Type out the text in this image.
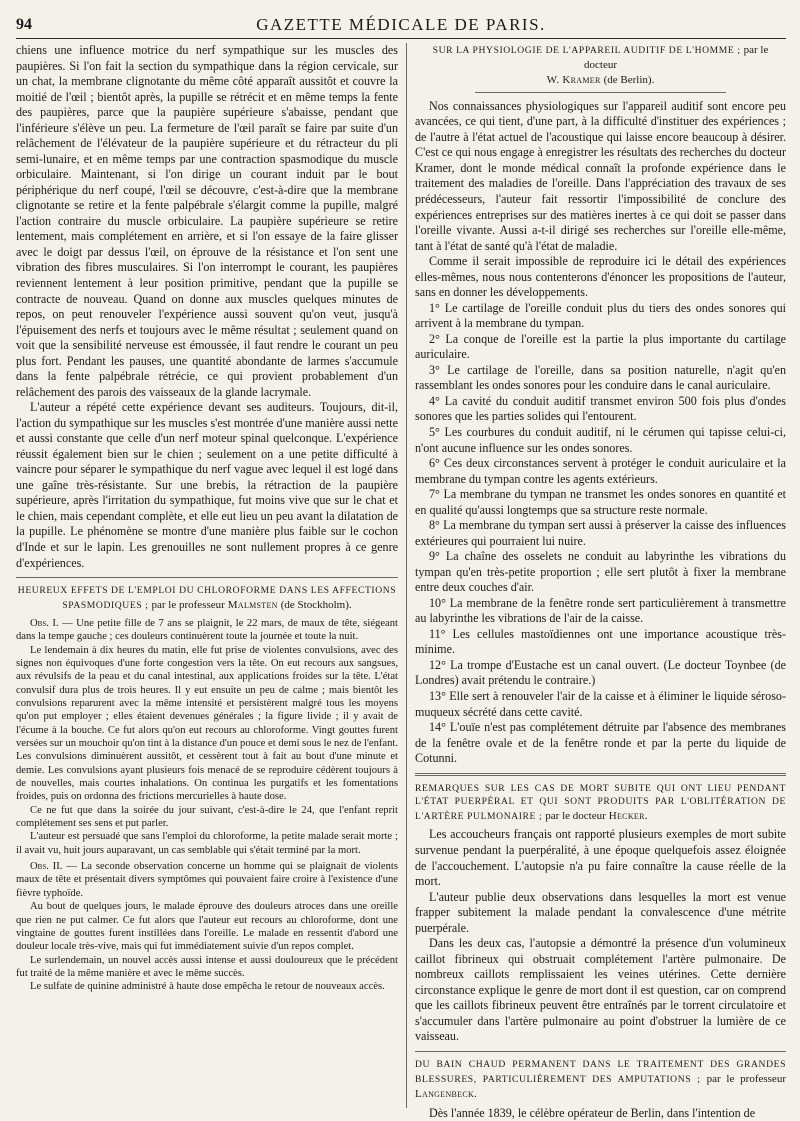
94	GAZETTE MÉDICALE DE PARIS.

chiens une influence motrice du nerf sympathique sur les muscles des paupières. Si l'on fait la section du sympathique dans la région cervicale, sur un chat, la membrane clignotante du même côté apparaît aussitôt et couvre la moitié de l'œil ; bientôt après, la pupille se rétrécit et en même temps la fente des paupières, parce que la paupière supérieure s'abaisse, pendant que l'inférieure s'élève un peu. La fermeture de l'œil paraît se faire par suite d'un relâchement de l'élévateur de la paupière supérieure et du rétracteur du pli semi-lunaire, et en même temps par une contraction spasmodique du muscle orbiculaire. Maintenant, si l'on dirige un courant induit par le bout périphérique du nerf coupé, l'œil se découvre, c'est-à-dire que la membrane clignotante se retire et la fente palpébrale s'élargit comme la pupille, malgré l'action contraire du muscle orbiculaire. La paupière supérieure se retire lentement, mais complétement en arrière, et si l'on essaye de la faire glisser avec le doigt par dessus l'œil, on éprouve de la résistance et l'on sent une vibration des fibres musculaires. Si l'on interrompt le courant, les paupières reviennent lentement à leur position primitive, pendant que la pupille se contracte de nouveau. Quand on donne aux muscles quelques minutes de repos, on peut renouveler l'expérience aussi souvent qu'on veut, jusqu'à l'épuisement des nerfs et toujours avec le même résultat ; seulement quand on voit que la sensibilité nerveuse est émoussée, il faut rendre le courant un peu plus fort. Pendant les pauses, une quantité abondante de larmes s'accumule dans la fente palpébrale rétrécie, ce qui provient probablement d'un relâchement des parois des vaisseaux de la glande lacrymale.

L'auteur a répété cette expérience devant ses auditeurs. Toujours, dit-il, l'action du sympathique sur les muscles s'est montrée d'une manière aussi nette et aussi constante que celle d'un nerf moteur spinal quelconque. L'expérience réussit également bien sur le chien ; seulement on a une petite difficulté à vaincre pour séparer le sympathique du nerf vague avec lequel il est logé dans une gaîne très-résistante. Sur une brebis, la rétraction de la paupière supérieure, après l'irritation du sympathique, fut moins vive que sur le chat et le chien, mais cependant complète, et elle eut lieu un peu avant la dilatation de la pupille. Le phénomène se montre d'une manière plus faible sur le cochon d'Inde et sur le lapin. Les grenouilles ne sont nullement propres à ce genre d'expériences.

HEUREUX EFFETS DE L'EMPLOI DU CHLOROFORME DANS LES AFFECTIONS SPASMODIQUES ; par le professeur Malmsten (de Stockholm).

Obs. I. — Une petite fille de 7 ans se plaignit, le 22 mars, de maux de tête, siégeant dans la tempe gauche ; ces douleurs continuèrent toute la journée et toute la nuit.

Le lendemain à dix heures du matin, elle fut prise de violentes convulsions, avec des signes non équivoques d'une forte congestion vers la tête. On eut recours aux sangsues, aux révulsifs de la peau et du canal intestinal, aux applications froides sur la tête. L'état convulsif dura plus de trois heures. Il y eut ensuite un peu de calme ; mais bientôt les convulsions reparurent avec la même intensité et persistèrent malgré tous les moyens qu'on put employer ; elles étaient devenues générales ; la figure livide ; il y avait de l'écume à la bouche. Ce fut alors qu'on eut recours au chloroforme. Vingt gouttes furent versées sur un mouchoir qu'on tint à la distance d'un pouce et demi sous le nez de l'enfant. Les convulsions diminuèrent aussitôt, et cessèrent tout à fait au bout d'une minute et demie. Les convulsions ayant plusieurs fois menacé de se reproduire cédèrent toujours à de nouvelles, mais courtes inhalations. On continua les purgatifs et les fomentations froides, puis on ordonna des frictions mercurielles à haute dose.

Ce ne fut que dans la soirée du jour suivant, c'est-à-dire le 24, que l'enfant reprit complétement ses sens et put parler.

L'auteur est persuadé que sans l'emploi du chloroforme, la petite malade serait morte ; il avait vu, huit jours auparavant, un cas semblable qui s'était terminé par la mort.

Obs. II. — La seconde observation concerne un homme qui se plaignait de violents maux de tête et présentait divers symptômes qui pouvaient faire croire à l'existence d'une fièvre typhoïde.

Au bout de quelques jours, le malade éprouve des douleurs atroces dans une oreille que rien ne put calmer. Ce fut alors que l'auteur eut recours au chloroforme, dont une vingtaine de gouttes furent instillées dans l'oreille. Le malade en ressentit d'abord une douleur locale très-vive, mais qui fut immédiatement suivie d'un repos complet.

Le surlendemain, un nouvel accès aussi intense et aussi douloureux que le précédent fut traité de la même manière et avec le même succès.

Le sulfate de quinine administré à haute dose empêcha le retour de nouveaux accès.

SUR LA PHYSIOLOGIE DE L'APPAREIL AUDITIF DE L'HOMME ; par le docteur
W. Kramer (de Berlin).

Nos connaissances physiologiques sur l'appareil auditif sont encore peu avancées, ce qui tient, d'une part, à la difficulté d'instituer des expériences ; de l'autre à l'état actuel de l'acoustique qui laisse encore beaucoup à désirer. C'est ce qui nous engage à enregistrer les résultats des recherches du docteur Kramer, dont le monde médical connaît la profonde expérience dans le traitement des maladies de l'oreille. Dans l'appréciation des travaux de ses prédécesseurs, l'auteur fait ressortir l'impossibilité de conclure des expériences entreprises sur des matières inertes à ce qui doit se passer dans l'oreille vivante. Aussi a-t-il dirigé ses recherches sur l'oreille elle-même, tant à l'état de santé qu'à l'état de maladie.

Comme il serait impossible de reproduire ici le détail des expériences elles-mêmes, nous nous contenterons d'énoncer les propositions de l'auteur, sans en donner les développements.

1° Le cartilage de l'oreille conduit plus du tiers des ondes sonores qui arrivent à la membrane du tympan.

2° La conque de l'oreille est la partie la plus importante du cartilage auriculaire.

3° Le cartilage de l'oreille, dans sa position naturelle, n'agit qu'en rassemblant les ondes sonores pour les conduire dans le canal auriculaire.

4° La cavité du conduit auditif transmet environ 500 fois plus d'ondes sonores que les parties solides qui l'entourent.

5° Les courbures du conduit auditif, ni le cérumen qui tapisse celui-ci, n'ont aucune influence sur les ondes sonores.

6° Ces deux circonstances servent à protéger le conduit auriculaire et la membrane du tympan contre les agents extérieurs.

7° La membrane du tympan ne transmet les ondes sonores en quantité et en qualité qu'aussi longtemps que sa structure reste normale.

8° La membrane du tympan sert aussi à préserver la caisse des influences extérieures qui pourraient lui nuire.

9° La chaîne des osselets ne conduit au labyrinthe les vibrations du tympan qu'en très-petite proportion ; elle sert plutôt à fixer la membrane entre deux couches d'air.

10° La membrane de la fenêtre ronde sert particulièrement à transmettre au labyrinthe les vibrations de l'air de la caisse.

11° Les cellules mastoïdiennes ont une importance acoustique très-minime.

12° La trompe d'Eustache est un canal ouvert. (Le docteur Toynbee (de Londres) avait prétendu le contraire.)

13° Elle sert à renouveler l'air de la caisse et à éliminer le liquide séroso-muqueux sécrété dans cette cavité.

14° L'ouïe n'est pas complétement détruite par l'absence des membranes de la fenêtre ovale et de la fenêtre ronde et par la perte du liquide de Cotunni.

REMARQUES SUR LES CAS DE MORT SUBITE QUI ONT LIEU PENDANT L'ÉTAT PUERPÉRAL ET QUI SONT PRODUITS PAR L'OBLITÉRATION DE L'ARTÈRE PULMONAIRE ; par le docteur Hecker.

Les accoucheurs français ont rapporté plusieurs exemples de mort subite survenue pendant la puerpéralité, à une époque quelquefois assez éloignée de l'accouchement. L'autopsie n'a pu faire connaître la cause réelle de la mort.

L'auteur publie deux observations dans lesquelles la mort est venue frapper subitement la malade pendant la convalescence d'une métrite puerpérale.

Dans les deux cas, l'autopsie a démontré la présence d'un volumineux caillot fibrineux qui obstruait complétement l'artère pulmonaire. De nombreux caillots remplissaient les veines utérines. Cette dernière circonstance explique le genre de mort dont il est question, car on comprend que les caillots fibrineux peuvent être entraînés par le torrent circulatoire et s'accumuler dans l'artère pulmonaire au point d'obstruer la lumière de ce vaisseau.

DU BAIN CHAUD PERMANENT DANS LE TRAITEMENT DES GRANDES BLESSURES, PARTICULIÈREMENT DES AMPUTATIONS ; par le professeur Langenbeck.

Dès l'année 1839, le célèbre opérateur de Berlin, dans l'intention de
